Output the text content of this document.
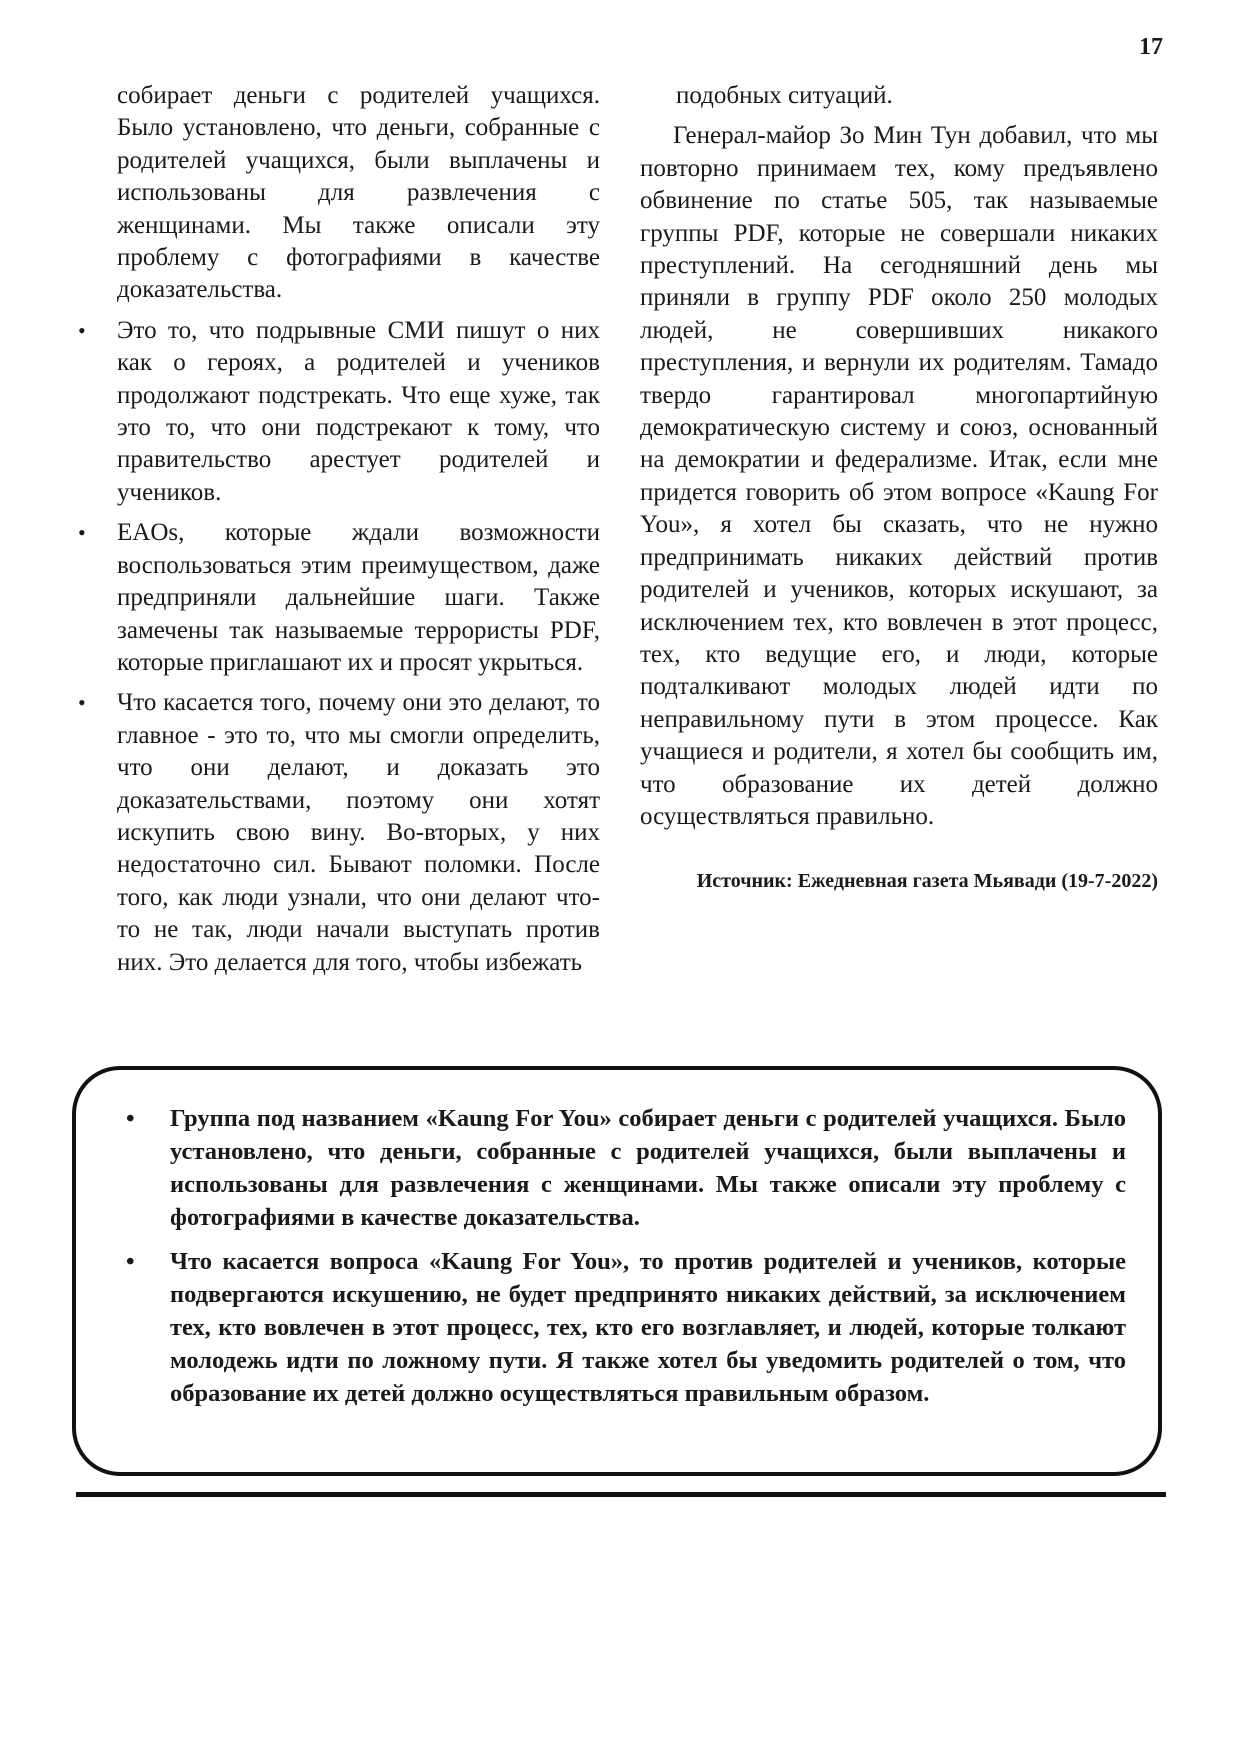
17

собирает деньги с родителей учащихся. Было установлено, что деньги, собранные с родителей учащихся, были выплачены и использованы для развлечения с женщинами. Мы также описали эту проблему с фотографиями в качестве доказательства.

• Это то, что подрывные СМИ пишут о них как о героях, а родителей и учеников продолжают подстрекать. Что еще хуже, так это то, что они подстрекают к тому, что правительство арестует родителей и учеников.
• EAOs, которые ждали возможности воспользоваться этим преимуществом, даже предприняли дальнейшие шаги. Также замечены так называемые террористы PDF, которые приглашают их и просят укрыться.
• Что касается того, почему они это делают, то главное - это то, что мы смогли определить, что они делают, и доказать это доказательствами, поэтому они хотят искупить свою вину. Во-вторых, у них недостаточно сил. Бывают поломки. После того, как люди узнали, что они делают что-то не так, люди начали выступать против них. Это делается для того, чтобы избежать

подобных ситуаций.

Генерал-майор Зо Мин Тун добавил, что мы повторно принимаем тех, кому предъявлено обвинение по статье 505, так называемые группы PDF, которые не совершали никаких преступлений. На сегодняшний день мы приняли в группу PDF около 250 молодых людей, не совершивших никакого преступления, и вернули их родителям. Тамадо твердо гарантировал многопартийную демократическую систему и союз, основанный на демократии и федерализме. Итак, если мне придется говорить об этом вопросе «Kaung For You», я хотел бы сказать, что не нужно предпринимать никаких действий против родителей и учеников, которых искушают, за исключением тех, кто вовлечен в этот процесс, тех, кто ведущие его, и люди, которые подталкивают молодых людей идти по неправильному пути в этом процессе. Как учащиеся и родители, я хотел бы сообщить им, что образование их детей должно осуществляться правильно.

Источник: Ежедневная газета Мьявади (19-7-2022)

• Группа под названием «Kaung For You» собирает деньги с родителей учащихся. Было установлено, что деньги, собранные с родителей учащихся, были выплачены и использованы для развлечения с женщинами. Мы также описали эту проблему с фотографиями в качестве доказательства.
• Что касается вопроса «Kaung For You», то против родителей и учеников, которые подвергаются искушению, не будет предпринято никаких действий, за исключением тех, кто вовлечен в этот процесс, тех, кто его возглавляет, и людей, которые толкают молодежь идти по ложному пути. Я также хотел бы уведомить родителей о том, что образование их детей должно осуществляться правильным образом.
